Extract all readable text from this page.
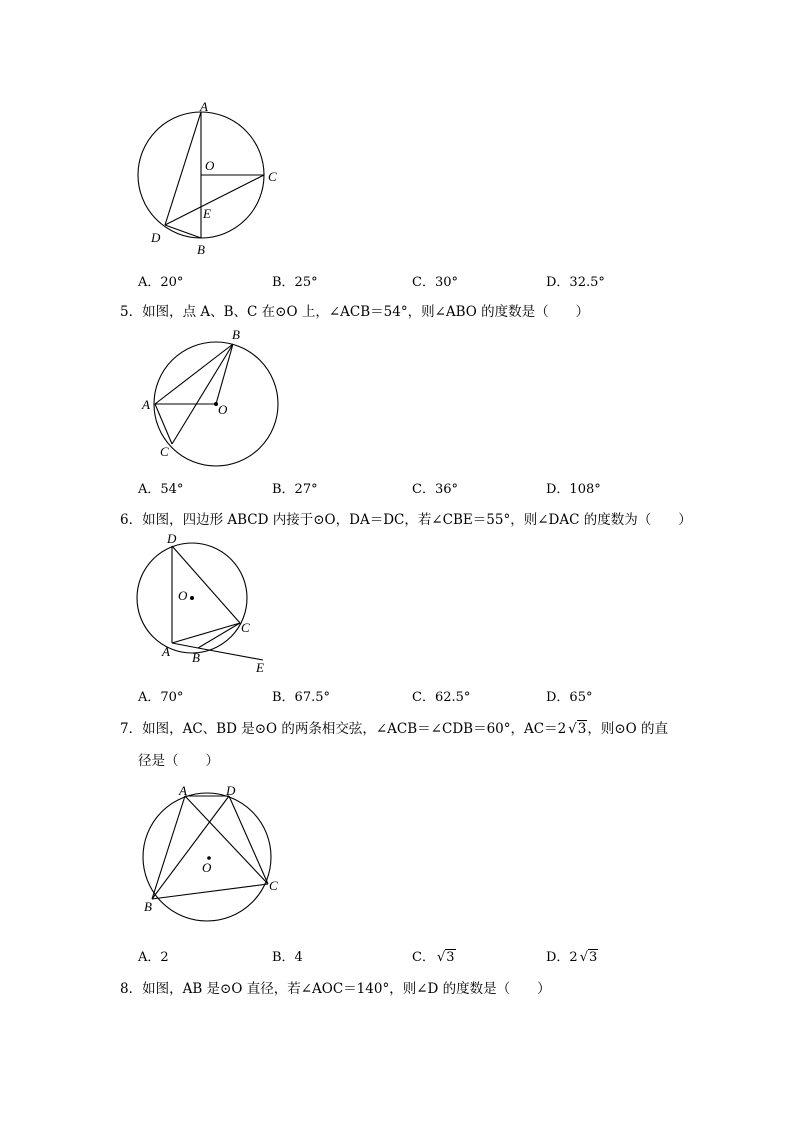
A
O
C
E
D
B
A．20°	B．25°	C．30°	D．32.5°
5．如图，点 A、B、C 在⊙O 上，∠ACB＝54°，则∠ABO 的度数是（　　）
B
A	O
C
A．54°	B．27°	C．36°	D．108°
6．如图，四边形 ABCD 内接于⊙O，DA＝DC，若∠CBE＝55°，则∠DAC 的度数为（　　）
D
O
C
A B
E
A．70°	B．67.5°	C．62.5°	D．65°
7．如图，AC、BD 是⊙O 的两条相交弦，∠ACB＝∠CDB＝60°，AC＝2 √3，则⊙O 的直
径是（　　）
A	D
O
C
B
A．2	B．4	C． √3	D．2 √3
8．如图，AB 是⊙O 直径，若∠AOC＝140°，则∠D 的度数是（　　）
